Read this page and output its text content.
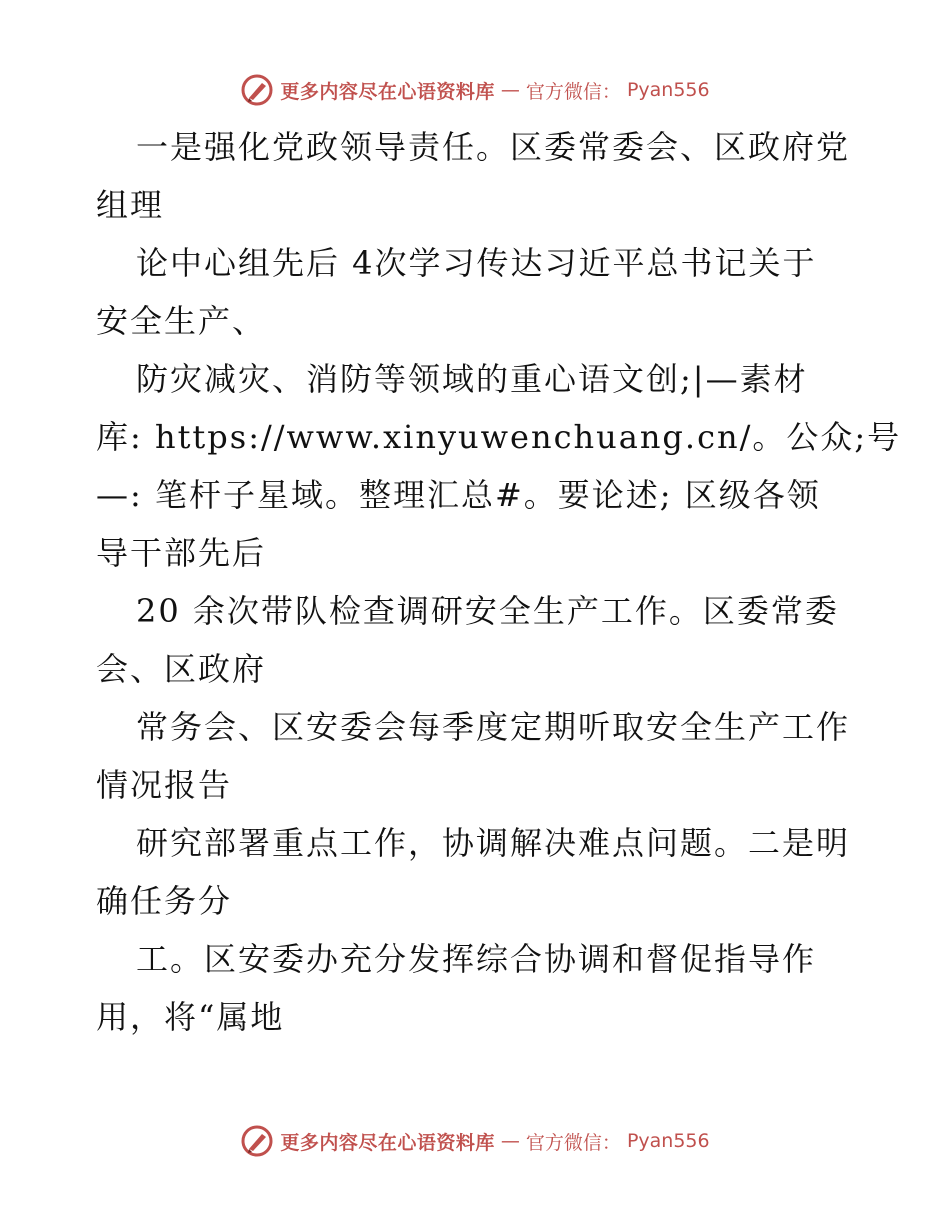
更多内容尽在心语资料库 — 官方微信： Pyan556
一是强化党政领导责任。区委常委会、区政府党
组理
论中心组先后 4次学习传达习近平总书记关于
安全生产、
防灾减灾、消防等领域的重心语文创;|—素材
库: https://www.xinyuwenchuang.cn/。公众;号
—: 笔杆子星域。整理汇总#。要论述; 区级各领
导干部先后
20 余次带队检查调研安全生产工作。区委常委
会、区政府
常务会、区安委会每季度定期听取安全生产工作
情况报告
研究部署重点工作，协调解决难点问题。二是明
确任务分
工。区安委办充分发挥综合协调和督促指导作
用，将“属地
更多内容尽在心语资料库 — 官方微信： Pyan556
